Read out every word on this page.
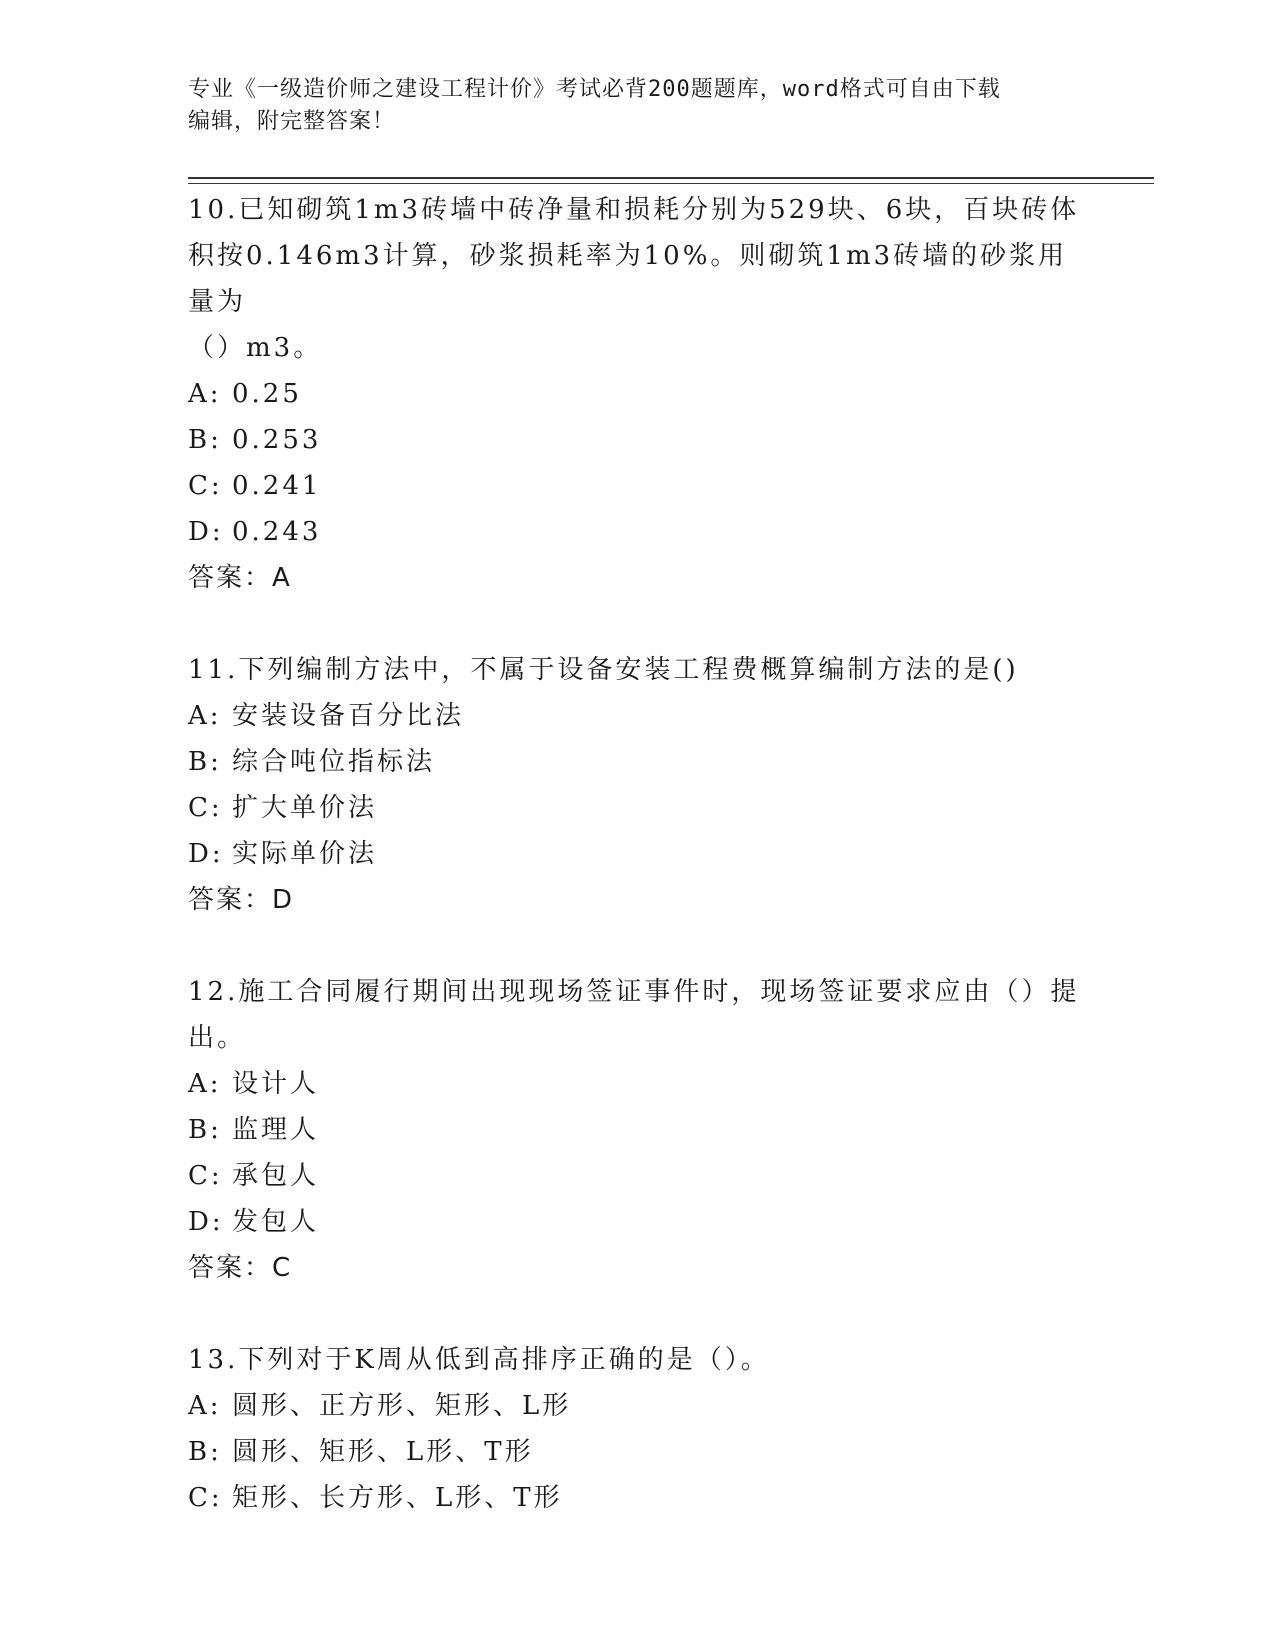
专业《一级造价师之建设工程计价》考试必背200题题库，word格式可自由下载
编辑，附完整答案！

10.已知砌筑1m3砖墙中砖净量和损耗分别为529块、6块，百块砖体

积按0.146m3计算，砂浆损耗率为10%。则砌筑1m3砖墙的砂浆用量为

（）m3。

A: 0.25

B: 0.253

C: 0.241

D: 0.243

答案：A

11.下列编制方法中，不属于设备安装工程费概算编制方法的是()

A: 安装设备百分比法

B: 综合吨位指标法

C: 扩大单价法

D: 实际单价法

答案：D

12.施工合同履行期间出现现场签证事件时，现场签证要求应由（）提

出。

A: 设计人

B: 监理人

C: 承包人

D: 发包人

答案：C

13.下列对于K周从低到高排序正确的是（）。

A: 圆形、正方形、矩形、L形

B: 圆形、矩形、L形、T形

C: 矩形、长方形、L形、T形
